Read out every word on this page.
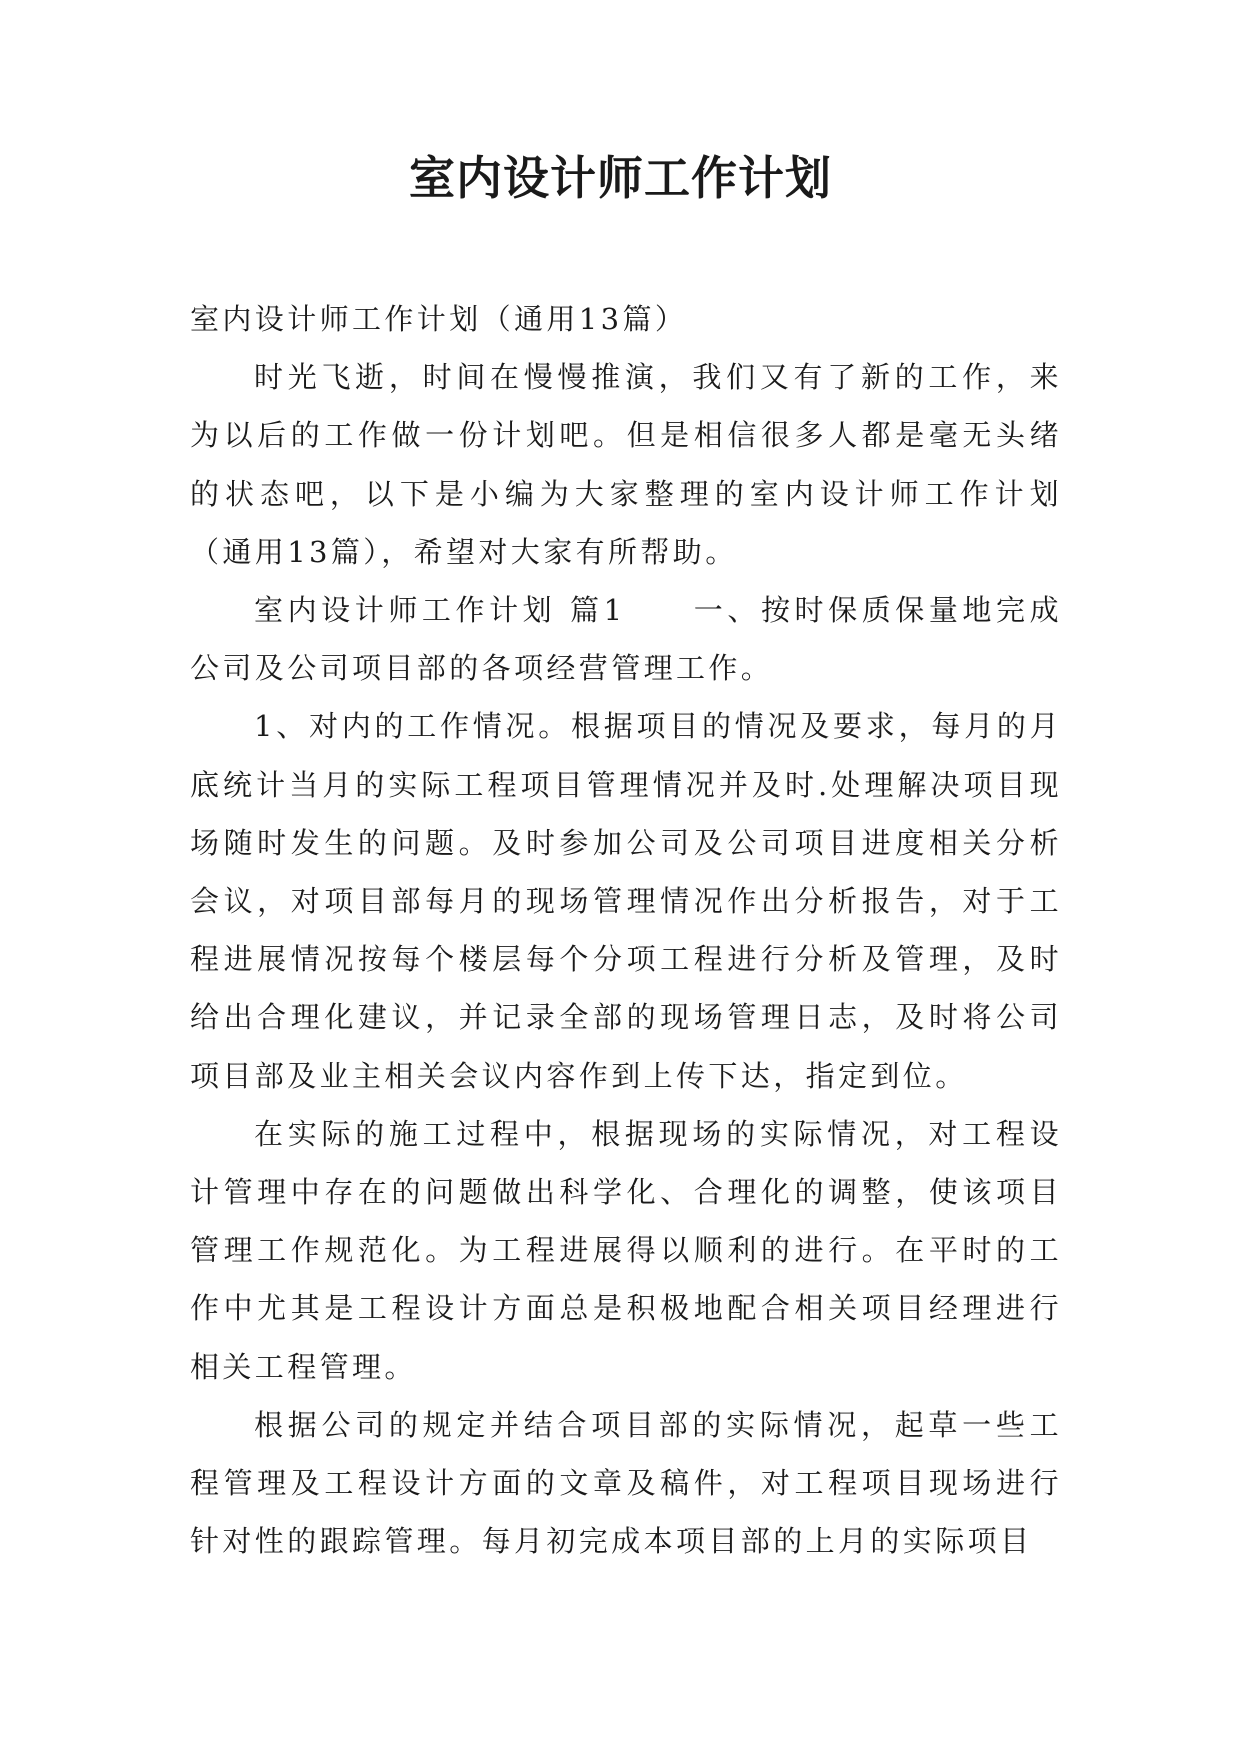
室内设计师工作计划

室内设计师工作计划（通用13篇）

时光飞逝，时间在慢慢推演，我们又有了新的工作，来为以后的工作做一份计划吧。但是相信很多人都是毫无头绪的状态吧，以下是小编为大家整理的室内设计师工作计划（通用13篇），希望对大家有所帮助。

室内设计师工作计划 篇1　　一、按时保质保量地完成公司及公司项目部的各项经营管理工作。

1、对内的工作情况。根据项目的情况及要求，每月的月底统计当月的实际工程项目管理情况并及时.处理解决项目现场随时发生的问题。及时参加公司及公司项目进度相关分析会议，对项目部每月的现场管理情况作出分析报告，对于工程进展情况按每个楼层每个分项工程进行分析及管理，及时给出合理化建议，并记录全部的现场管理日志，及时将公司项目部及业主相关会议内容作到上传下达，指定到位。

在实际的施工过程中，根据现场的实际情况，对工程设计管理中存在的问题做出科学化、合理化的调整，使该项目管理工作规范化。为工程进展得以顺利的进行。在平时的工作中尤其是工程设计方面总是积极地配合相关项目经理进行相关工程管理。

根据公司的规定并结合项目部的实际情况，起草一些工程管理及工程设计方面的文章及稿件，对工程项目现场进行针对性的跟踪管理。每月初完成本项目部的上月的实际项目
